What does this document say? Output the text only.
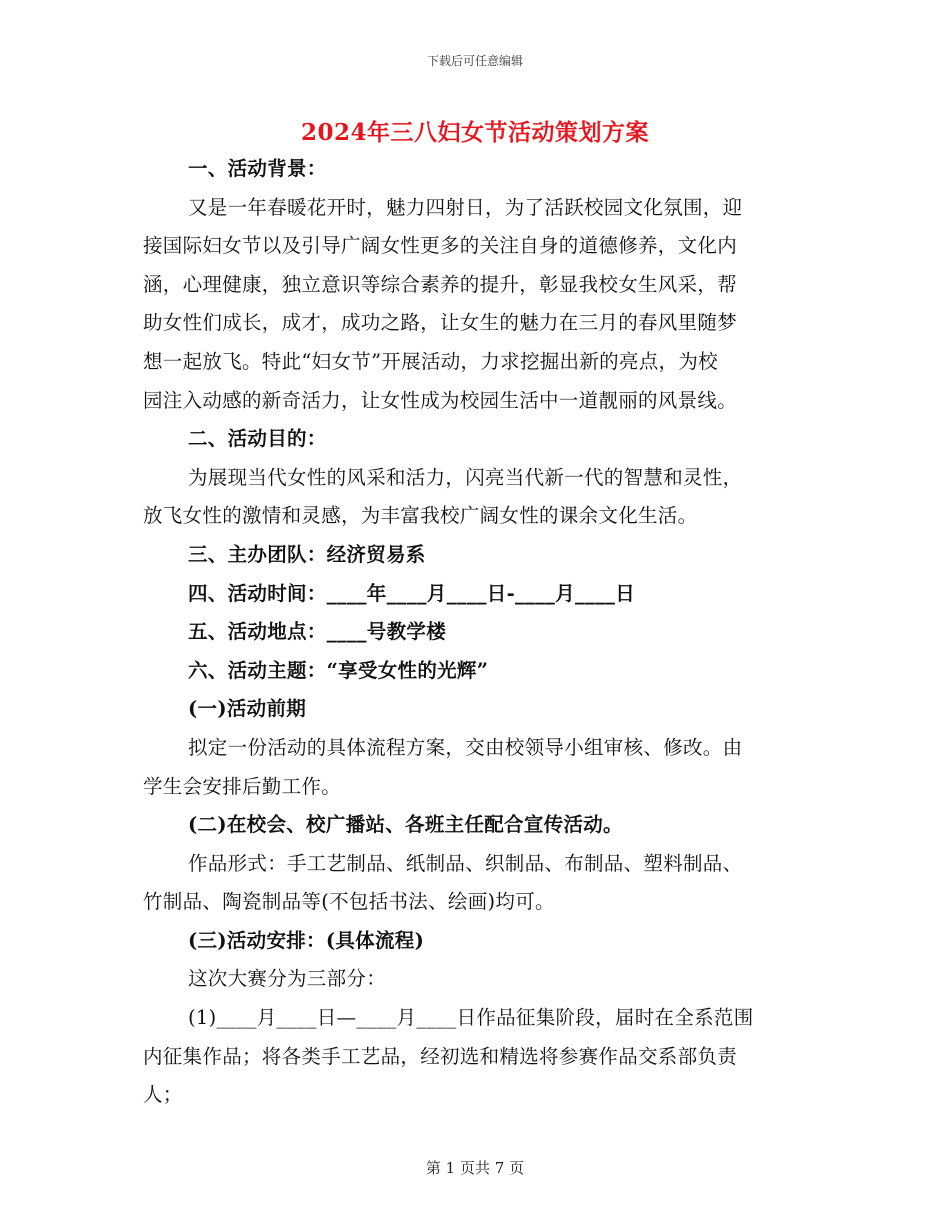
下载后可任意编辑
2024年三八妇女节活动策划方案
一、活动背景：
又是一年春暖花开时，魅力四射日，为了活跃校园文化氛围，迎
接国际妇女节以及引导广阔女性更多的关注自身的道德修养，文化内
涵，心理健康，独立意识等综合素养的提升，彰显我校女生风采，帮
助女性们成长，成才，成功之路，让女生的魅力在三月的春风里随梦
想一起放飞。特此“妇女节”开展活动，力求挖掘出新的亮点，为校
园注入动感的新奇活力，让女性成为校园生活中一道靓丽的风景线。
二、活动目的：
为展现当代女性的风采和活力，闪亮当代新一代的智慧和灵性，
放飞女性的激情和灵感，为丰富我校广阔女性的课余文化生活。
三、主办团队：经济贸易系
四、活动时间：____年____月____日-____月____日
五、活动地点：____号教学楼
六、活动主题：“享受女性的光辉”
(一)活动前期
拟定一份活动的具体流程方案，交由校领导小组审核、修改。由
学生会安排后勤工作。
(二)在校会、校广播站、各班主任配合宣传活动。
作品形式：手工艺制品、纸制品、织制品、布制品、塑料制品、
竹制品、陶瓷制品等(不包括书法、绘画)均可。
(三)活动安排：(具体流程)
这次大赛分为三部分：
(1)____月____日—____月____日作品征集阶段，届时在全系范围
内征集作品；将各类手工艺品，经初选和精选将参赛作品交系部负责
人；
第 1 页共 7 页
